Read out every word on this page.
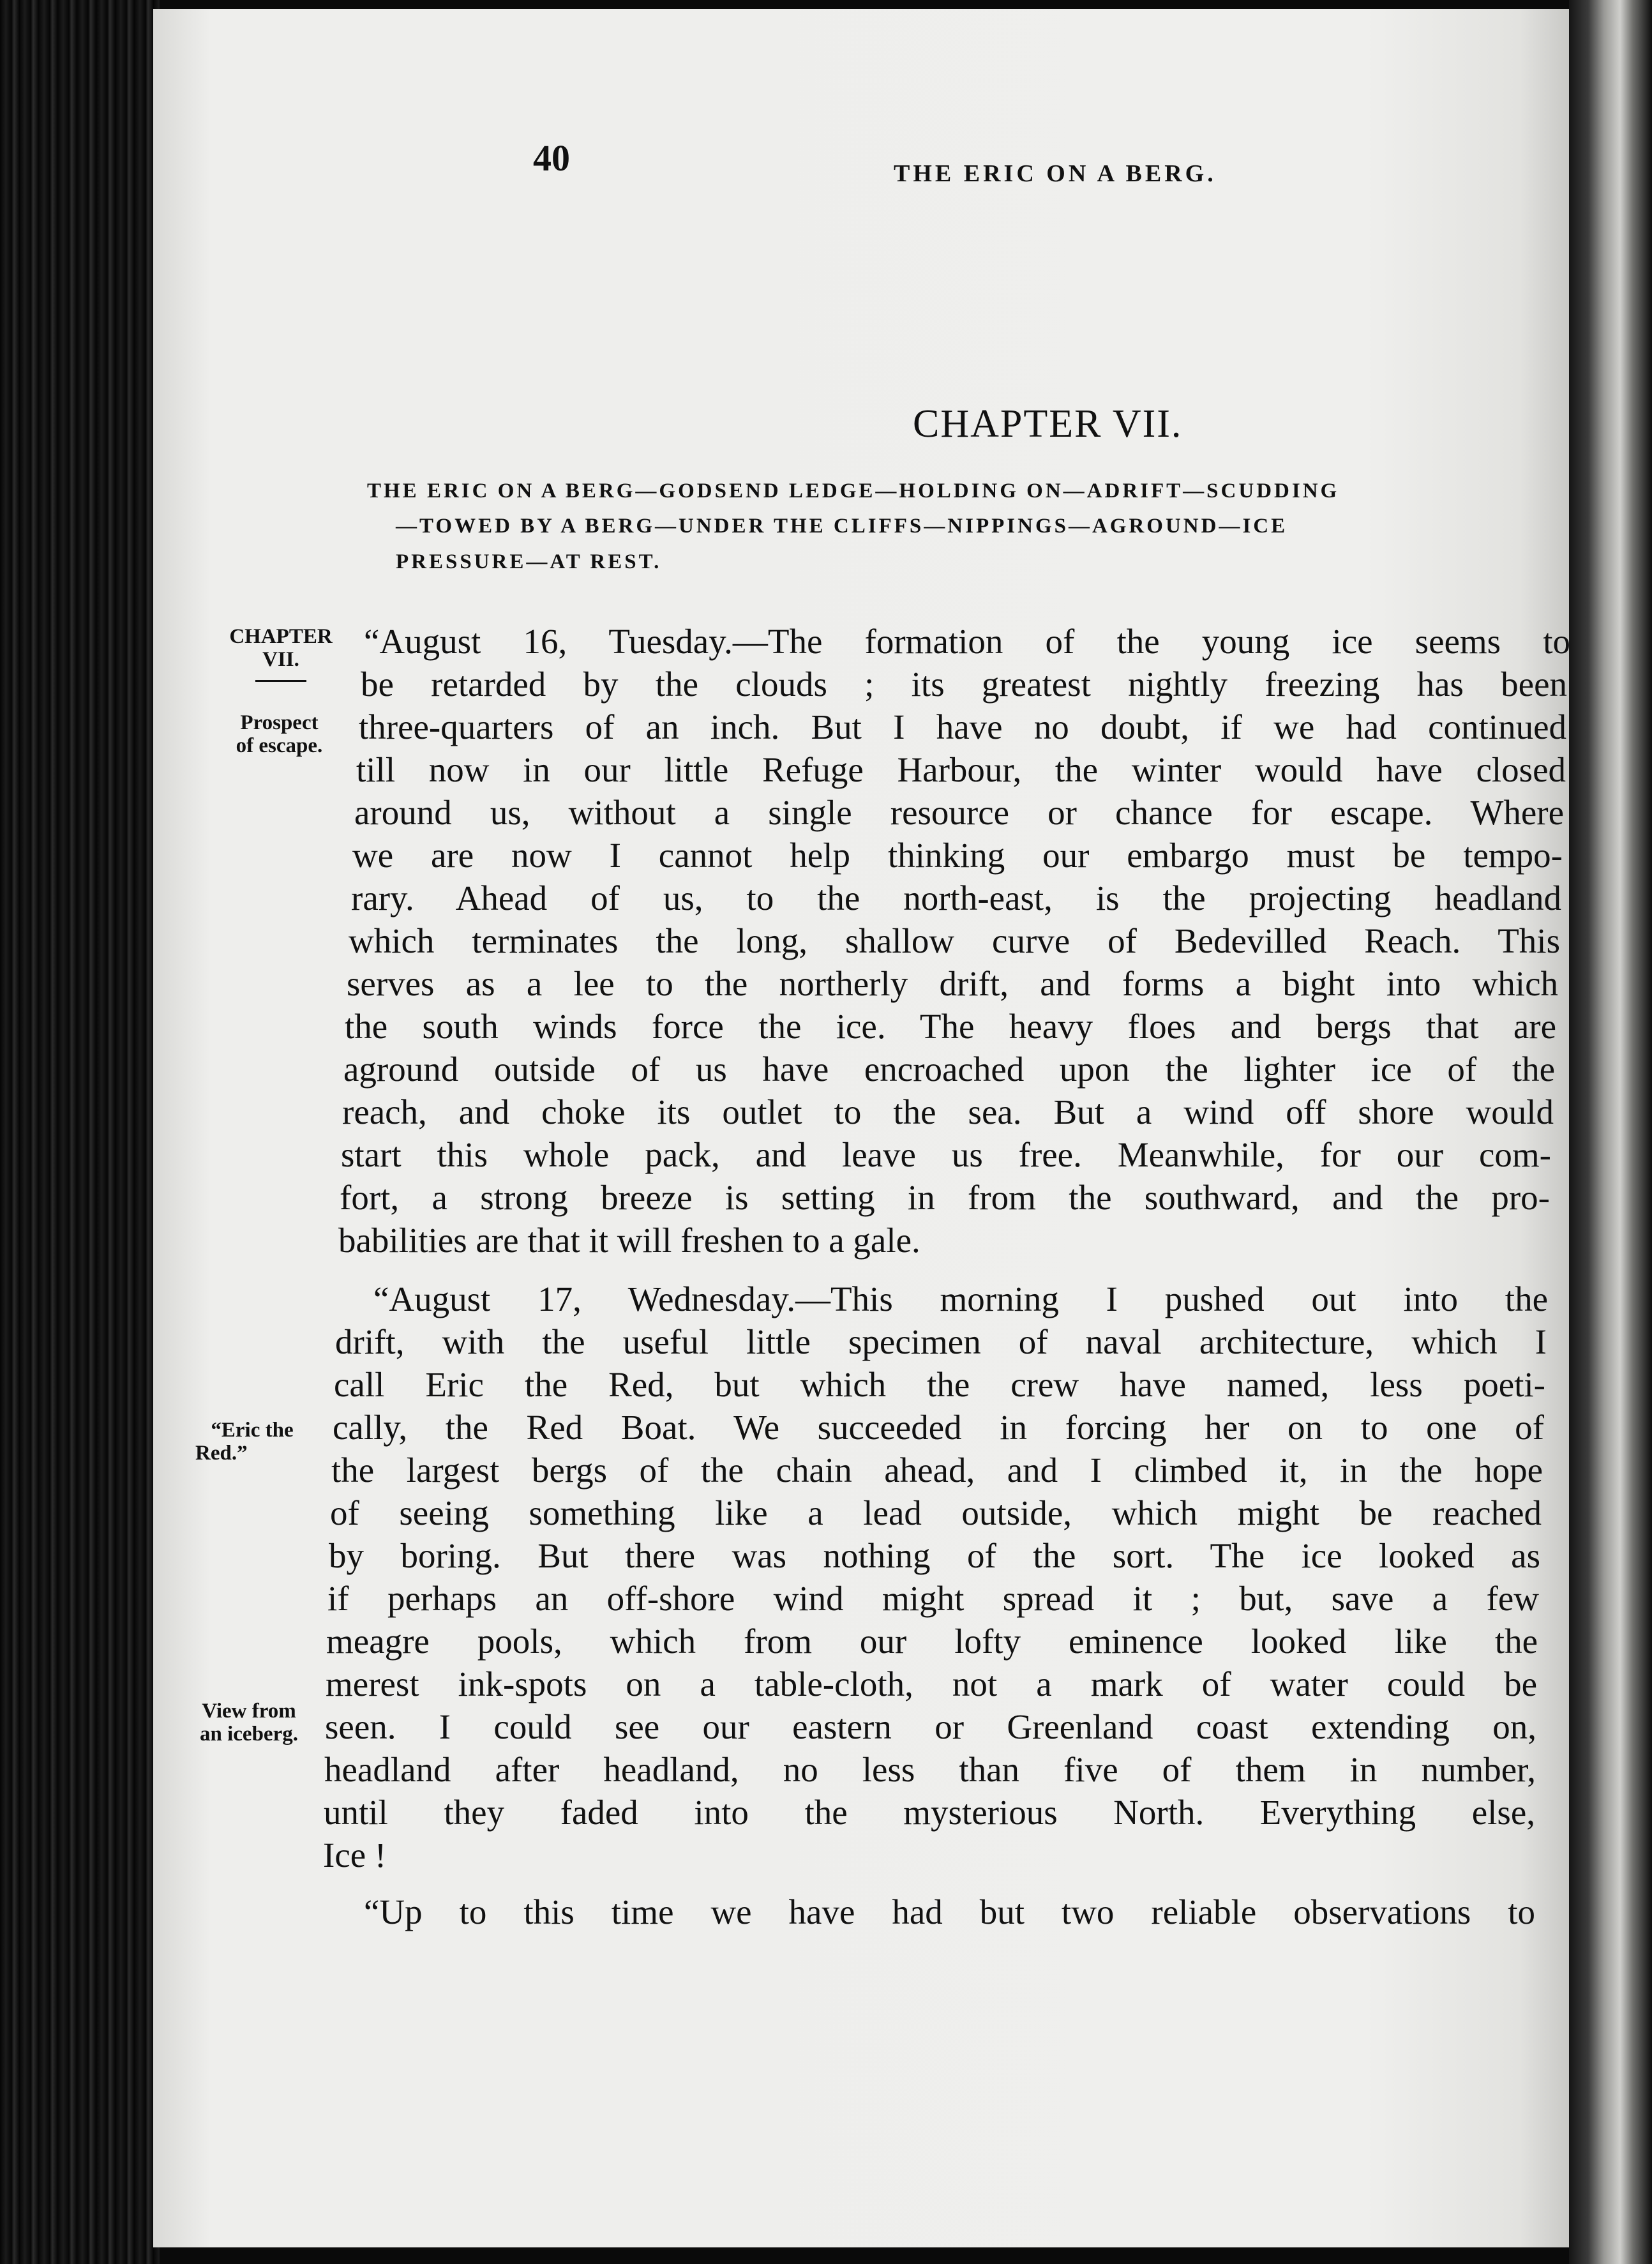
40	THE ERIC ON A BERG.
CHAPTER VII.
THE ERIC ON A BERG—GODSEND LEDGE—HOLDING ON—ADRIFT—SCUDDING
—TOWED BY A BERG—UNDER THE CLIFFS—NIPPINGS—AGROUND—ICE
PRESSURE—AT REST.
CHAPTER
VII.
Prospect
of escape.
“Eric the
Red.”
View from
an iceberg.
“August 16, Tuesday.—The formation of the young ice seems to
be retarded by the clouds ; its greatest nightly freezing has been
three-quarters of an inch. But I have no doubt, if we had continued
till now in our little Refuge Harbour, the winter would have closed
around us, without a single resource or chance for escape. Where
we are now I cannot help thinking our embargo must be tempo-
rary. Ahead of us, to the north-east, is the projecting headland
which terminates the long, shallow curve of Bedevilled Reach. This
serves as a lee to the northerly drift, and forms a bight into which
the south winds force the ice. The heavy floes and bergs that are
aground outside of us have encroached upon the lighter ice of the
reach, and choke its outlet to the sea. But a wind off shore would
start this whole pack, and leave us free. Meanwhile, for our com-
fort, a strong breeze is setting in from the southward, and the pro-
babilities are that it will freshen to a gale.
“August 17, Wednesday.—This morning I pushed out into the
drift, with the useful little specimen of naval architecture, which I
call Eric the Red, but which the crew have named, less poeti-
cally, the Red Boat. We succeeded in forcing her on to one of
the largest bergs of the chain ahead, and I climbed it, in the hope
of seeing something like a lead outside, which might be reached
by boring. But there was nothing of the sort. The ice looked as
if perhaps an off-shore wind might spread it ; but, save a few
meagre pools, which from our lofty eminence looked like the
merest ink-spots on a table-cloth, not a mark of water could be
seen. I could see our eastern or Greenland coast extending on,
headland after headland, no less than five of them in number,
until they faded into the mysterious North. Everything else,
Ice !
“Up to this time we have had but two reliable observations to
